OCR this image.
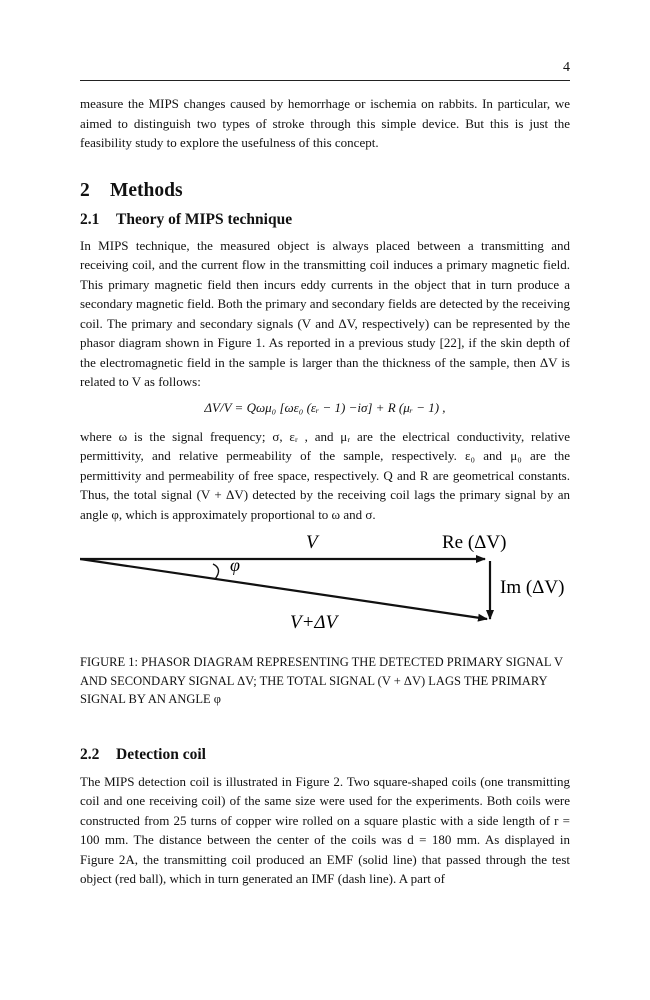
4

measure the MIPS changes caused by hemorrhage or ischemia on rabbits. In particular, we aimed to distinguish two types of stroke through this simple device. But this is just the feasibility study to explore the usefulness of this concept.

2 Methods
2.1 Theory of MIPS technique

In MIPS technique, the measured object is always placed between a transmitting and receiving coil, and the current flow in the transmitting coil induces a primary magnetic field. This primary magnetic field then incurs eddy currents in the object that in turn produce a secondary magnetic field. Both the primary and secondary fields are detected by the receiving coil. The primary and secondary signals (V and ΔV, respectively) can be represented by the phasor diagram shown in Figure 1. As reported in a previous study [22], if the skin depth of the electromagnetic field in the sample is larger than the thickness of the sample, then ΔV is related to V as follows:

ΔV/V = Qωμ₀ [ωε₀ (εᵣ − 1) −iσ] + R (μᵣ − 1) ,

where ω is the signal frequency; σ, εᵣ , and μᵣ are the electrical conductivity, relative permittivity, and relative permeability of the sample, respectively. ε₀ and μ₀ are the permittivity and permeability of free space, respectively. Q and R are geometrical constants. Thus, the total signal (V + ΔV) detected by the receiving coil lags the primary signal by an angle φ, which is approximately proportional to ω and σ.

V	Re (ΔV)
Im (ΔV)
φ
V+ΔV

FIGURE 1: PHASOR DIAGRAM REPRESENTING THE DETECTED PRIMARY SIGNAL V AND SECONDARY SIGNAL ΔV; THE TOTAL SIGNAL (V + ΔV) LAGS THE PRIMARY SIGNAL BY AN ANGLE φ

2.2 Detection coil

The MIPS detection coil is illustrated in Figure 2. Two square-shaped coils (one transmitting coil and one receiving coil) of the same size were used for the experiments. Both coils were constructed from 25 turns of copper wire rolled on a square plastic with a side length of r = 100 mm. The distance between the center of the coils was d = 180 mm. As displayed in Figure 2A, the transmitting coil produced an EMF (solid line) that passed through the test object (red ball), which in turn generated an IMF (dash line). A part of
